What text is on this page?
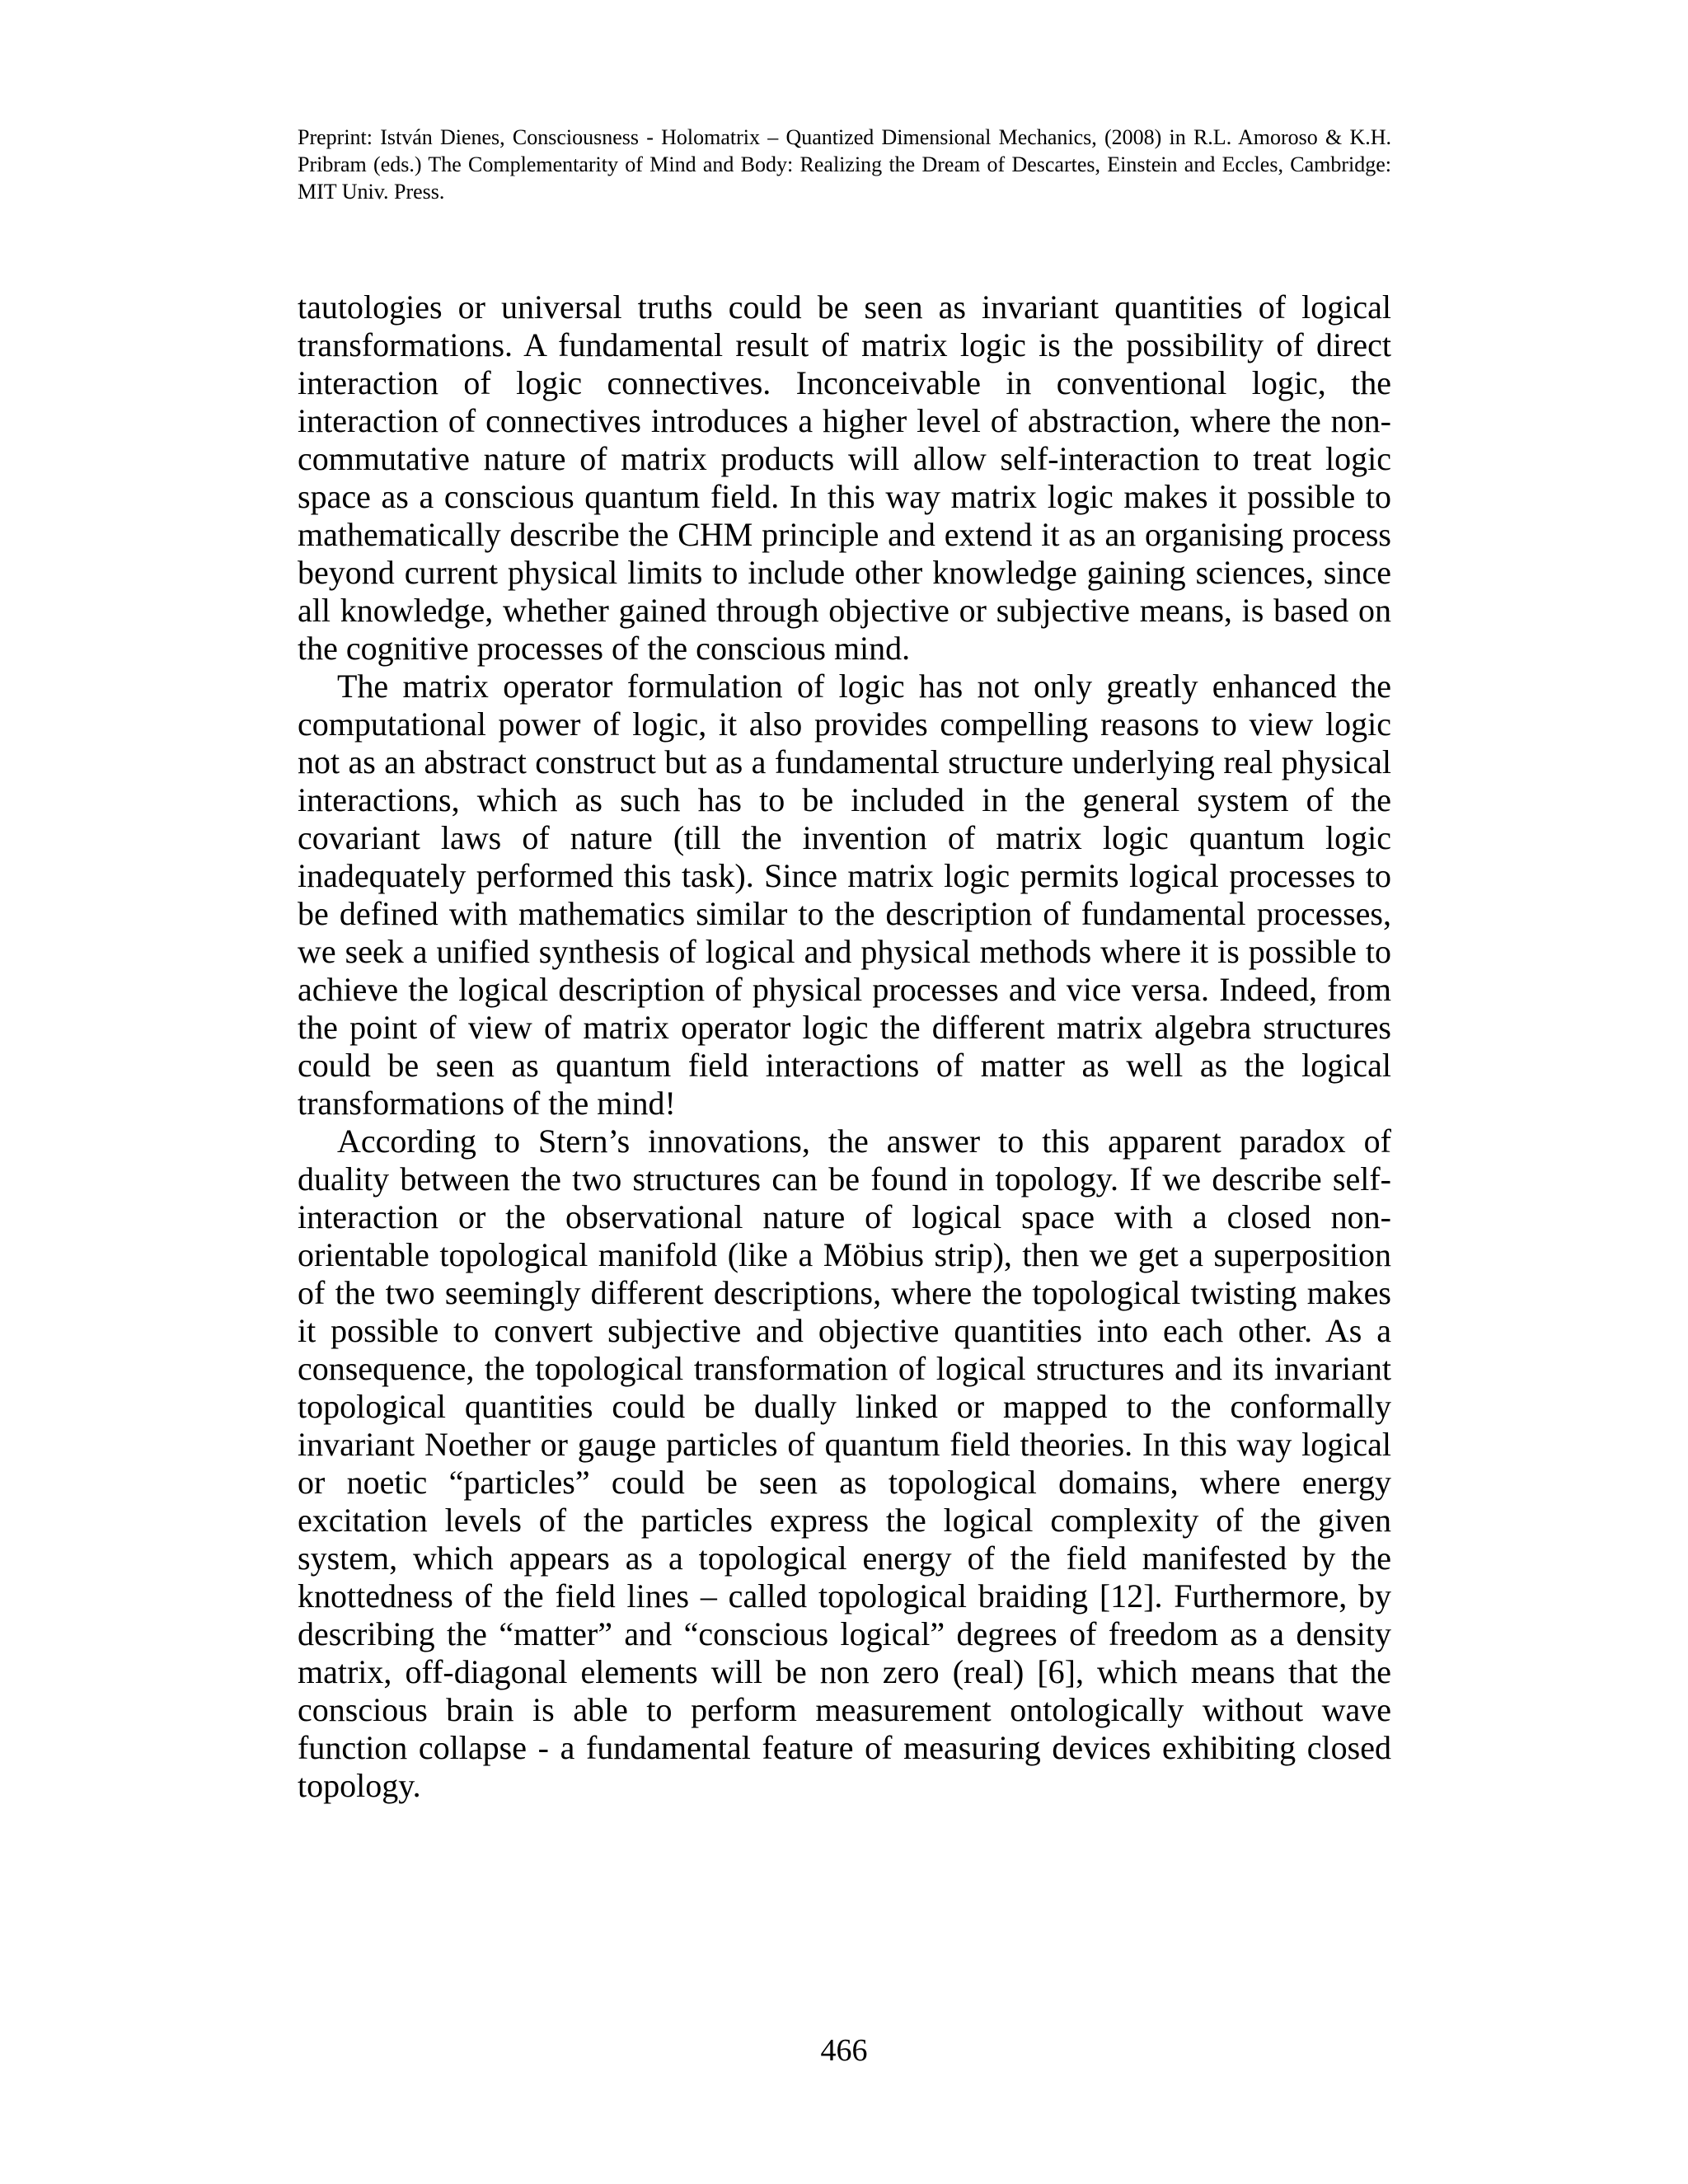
Preprint: István Dienes, Consciousness - Holomatrix – Quantized Dimensional Mechanics, (2008) in R.L. Amoroso & K.H. Pribram (eds.) The Complementarity of Mind and Body: Realizing the Dream of Descartes, Einstein and Eccles, Cambridge: MIT Univ. Press.

tautologies or universal truths could be seen as invariant quantities of logical transformations. A fundamental result of matrix logic is the possibility of direct interaction of logic connectives. Inconceivable in conventional logic, the interaction of connectives introduces a higher level of abstraction, where the non-commutative nature of matrix products will allow self-interaction to treat logic space as a conscious quantum field. In this way matrix logic makes it possible to mathematically describe the CHM principle and extend it as an organising process beyond current physical limits to include other knowledge gaining sciences, since all knowledge, whether gained through objective or subjective means, is based on the cognitive processes of the conscious mind.

The matrix operator formulation of logic has not only greatly enhanced the computational power of logic, it also provides compelling reasons to view logic not as an abstract construct but as a fundamental structure underlying real physical interactions, which as such has to be included in the general system of the covariant laws of nature (till the invention of matrix logic quantum logic inadequately performed this task). Since matrix logic permits logical processes to be defined with mathematics similar to the description of fundamental processes, we seek a unified synthesis of logical and physical methods where it is possible to achieve the logical description of physical processes and vice versa. Indeed, from the point of view of matrix operator logic the different matrix algebra structures could be seen as quantum field interactions of matter as well as the logical transformations of the mind!

According to Stern’s innovations, the answer to this apparent paradox of duality between the two structures can be found in topology. If we describe self-interaction or the observational nature of logical space with a closed non-orientable topological manifold (like a Möbius strip), then we get a superposition of the two seemingly different descriptions, where the topological twisting makes it possible to convert subjective and objective quantities into each other. As a consequence, the topological transformation of logical structures and its invariant topological quantities could be dually linked or mapped to the conformally invariant Noether or gauge particles of quantum field theories. In this way logical or noetic “particles” could be seen as topological domains, where energy excitation levels of the particles express the logical complexity of the given system, which appears as a topological energy of the field manifested by the knottedness of the field lines – called topological braiding [12]. Furthermore, by describing the “matter” and “conscious logical” degrees of freedom as a density matrix, off-diagonal elements will be non zero (real) [6], which means that the conscious brain is able to perform measurement ontologically without wave function collapse - a fundamental feature of measuring devices exhibiting closed topology.

466
